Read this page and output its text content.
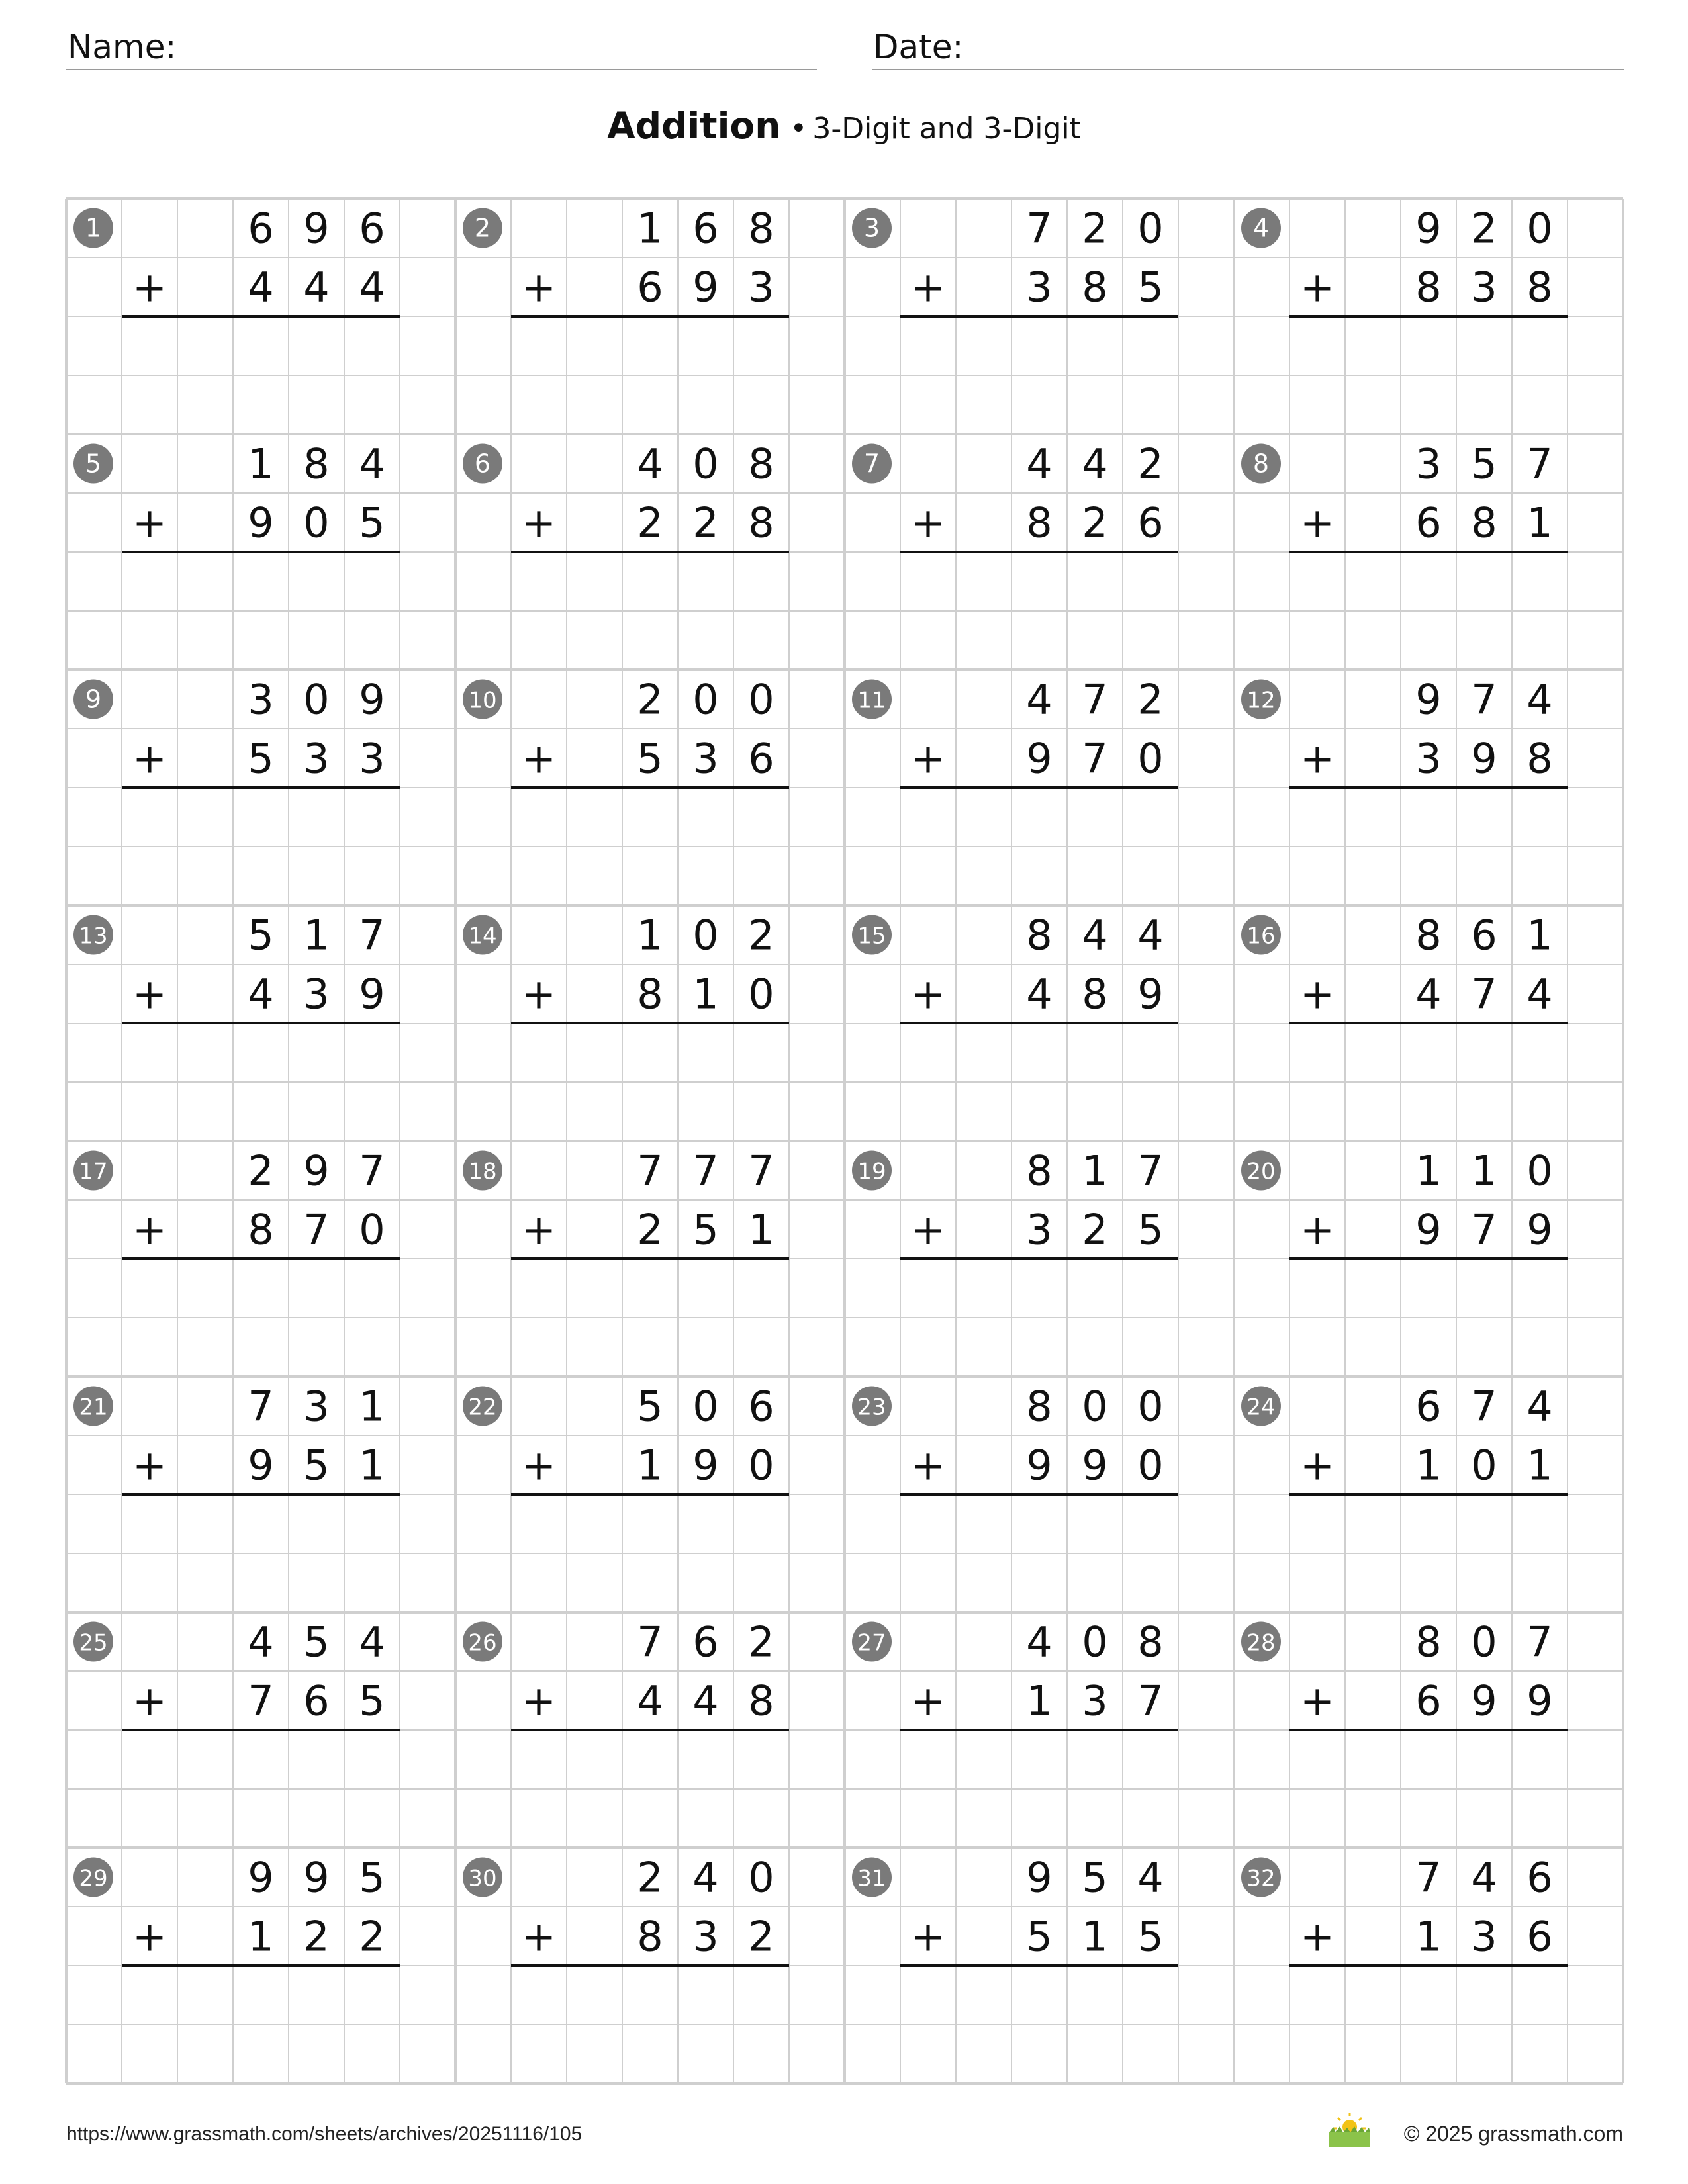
Name:	Date:
Addition • 3-Digit and 3-Digit
1	6 9 6
4 4 4
+
2	1 6 8
6 9 3
+
3	7 2 0
3 8 5
+
4	9 2 0
8 3 8
+
5	1 8 4
9 0 5
+
6	4 0 8
2 2 8
+
7	4 4 2
8 2 6
+
8	3 5 7
6 8 1
+
9	3 0 9
5 3 3
+
10	2 0 0
5 3 6
+
11	4 7 2
9 7 0
+
12	9 7 4
3 9 8
+
13	5 1 7
4 3 9
+
14	1 0 2
8 1 0
+
15	8 4 4
4 8 9
+
16	8 6 1
4 7 4
+
17	2 9 7
8 7 0
+
18	7 7 7
2 5 1
+
19	8 1 7
3 2 5
+
20	1 1 0
9 7 9
+
21	7 3 1
9 5 1
+
22	5 0 6
1 9 0
+
23	8 0 0
9 9 0
+
24	6 7 4
1 0 1
+
25	4 5 4
7 6 5
+
26	7 6 2
4 4 8
+
27	4 0 8
1 3 7
+
28	8 0 7
6 9 9
+
29	9 9 5
1 2 2
+
30	2 4 0
8 3 2
+
31	9 5 4
5 1 5
+
32	7 4 6
1 3 6
+
https://www.grassmath.com/sheets/archives/20251116/105	© 2025 grassmath.com
